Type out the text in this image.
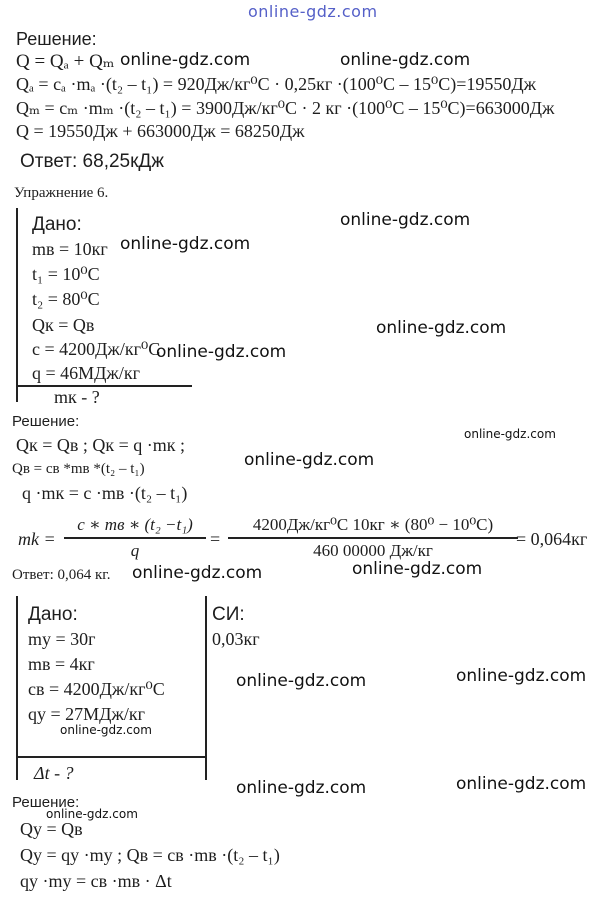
online-gdz.com
Решение:
Q = Qₐ + Qₘ
Qₐ = cₐ ·mₐ ·(t₂ – t₁) = 920Дж/кг⁰С · 0,25кг ·(100⁰С – 15⁰С)=19550Дж
Qₘ = cₘ ·mₘ ·(t₂ – t₁) = 3900Дж/кг⁰С · 2 кг ·(100⁰С – 15⁰С)=663000Дж
Q = 19550Дж + 663000Дж = 68250Дж
Ответ: 68,25кДж
Упражнение 6.
Дано:
mв = 10кг
t₁ = 10⁰С
t₂ = 80⁰С
Qк = Qв
c = 4200Дж/кг⁰С
q = 46МДж/кг
mк - ?
Решение:
Qк = Qв ; Qк = q ·mк ;
Qв = cв *mв *(t₂ – t₁)
q ·mк = c ·mв ·(t₂ – t₁)
mk =
c ∗ mв ∗ (t₂ −t₁)
q
=
4200Дж/кг⁰С 10кг ∗ (80⁰ − 10⁰С)
460 00000 Дж/кг
= 0,064кг
Ответ: 0,064 кг.
Дано:
mу = 30г
mв = 4кг
cв = 4200Дж/кг⁰С
qу = 27МДж/кг
Δt - ?
СИ:
0,03кг
Решение:
Qу = Qв
Qу = qу ·mу ; Qв = cв ·mв ·(t₂ – t₁)
qу ·mу = cв ·mв · Δt
online-gdz.com	online-gdz.com
online-gdz.com
online-gdz.com
online-gdz.com
online-gdz.com
online-gdz.com
online-gdz.com
online-gdz.com	online-gdz.com
online-gdz.com	online-gdz.com
online-gdz.com
online-gdz.com	online-gdz.com
online-gdz.com
